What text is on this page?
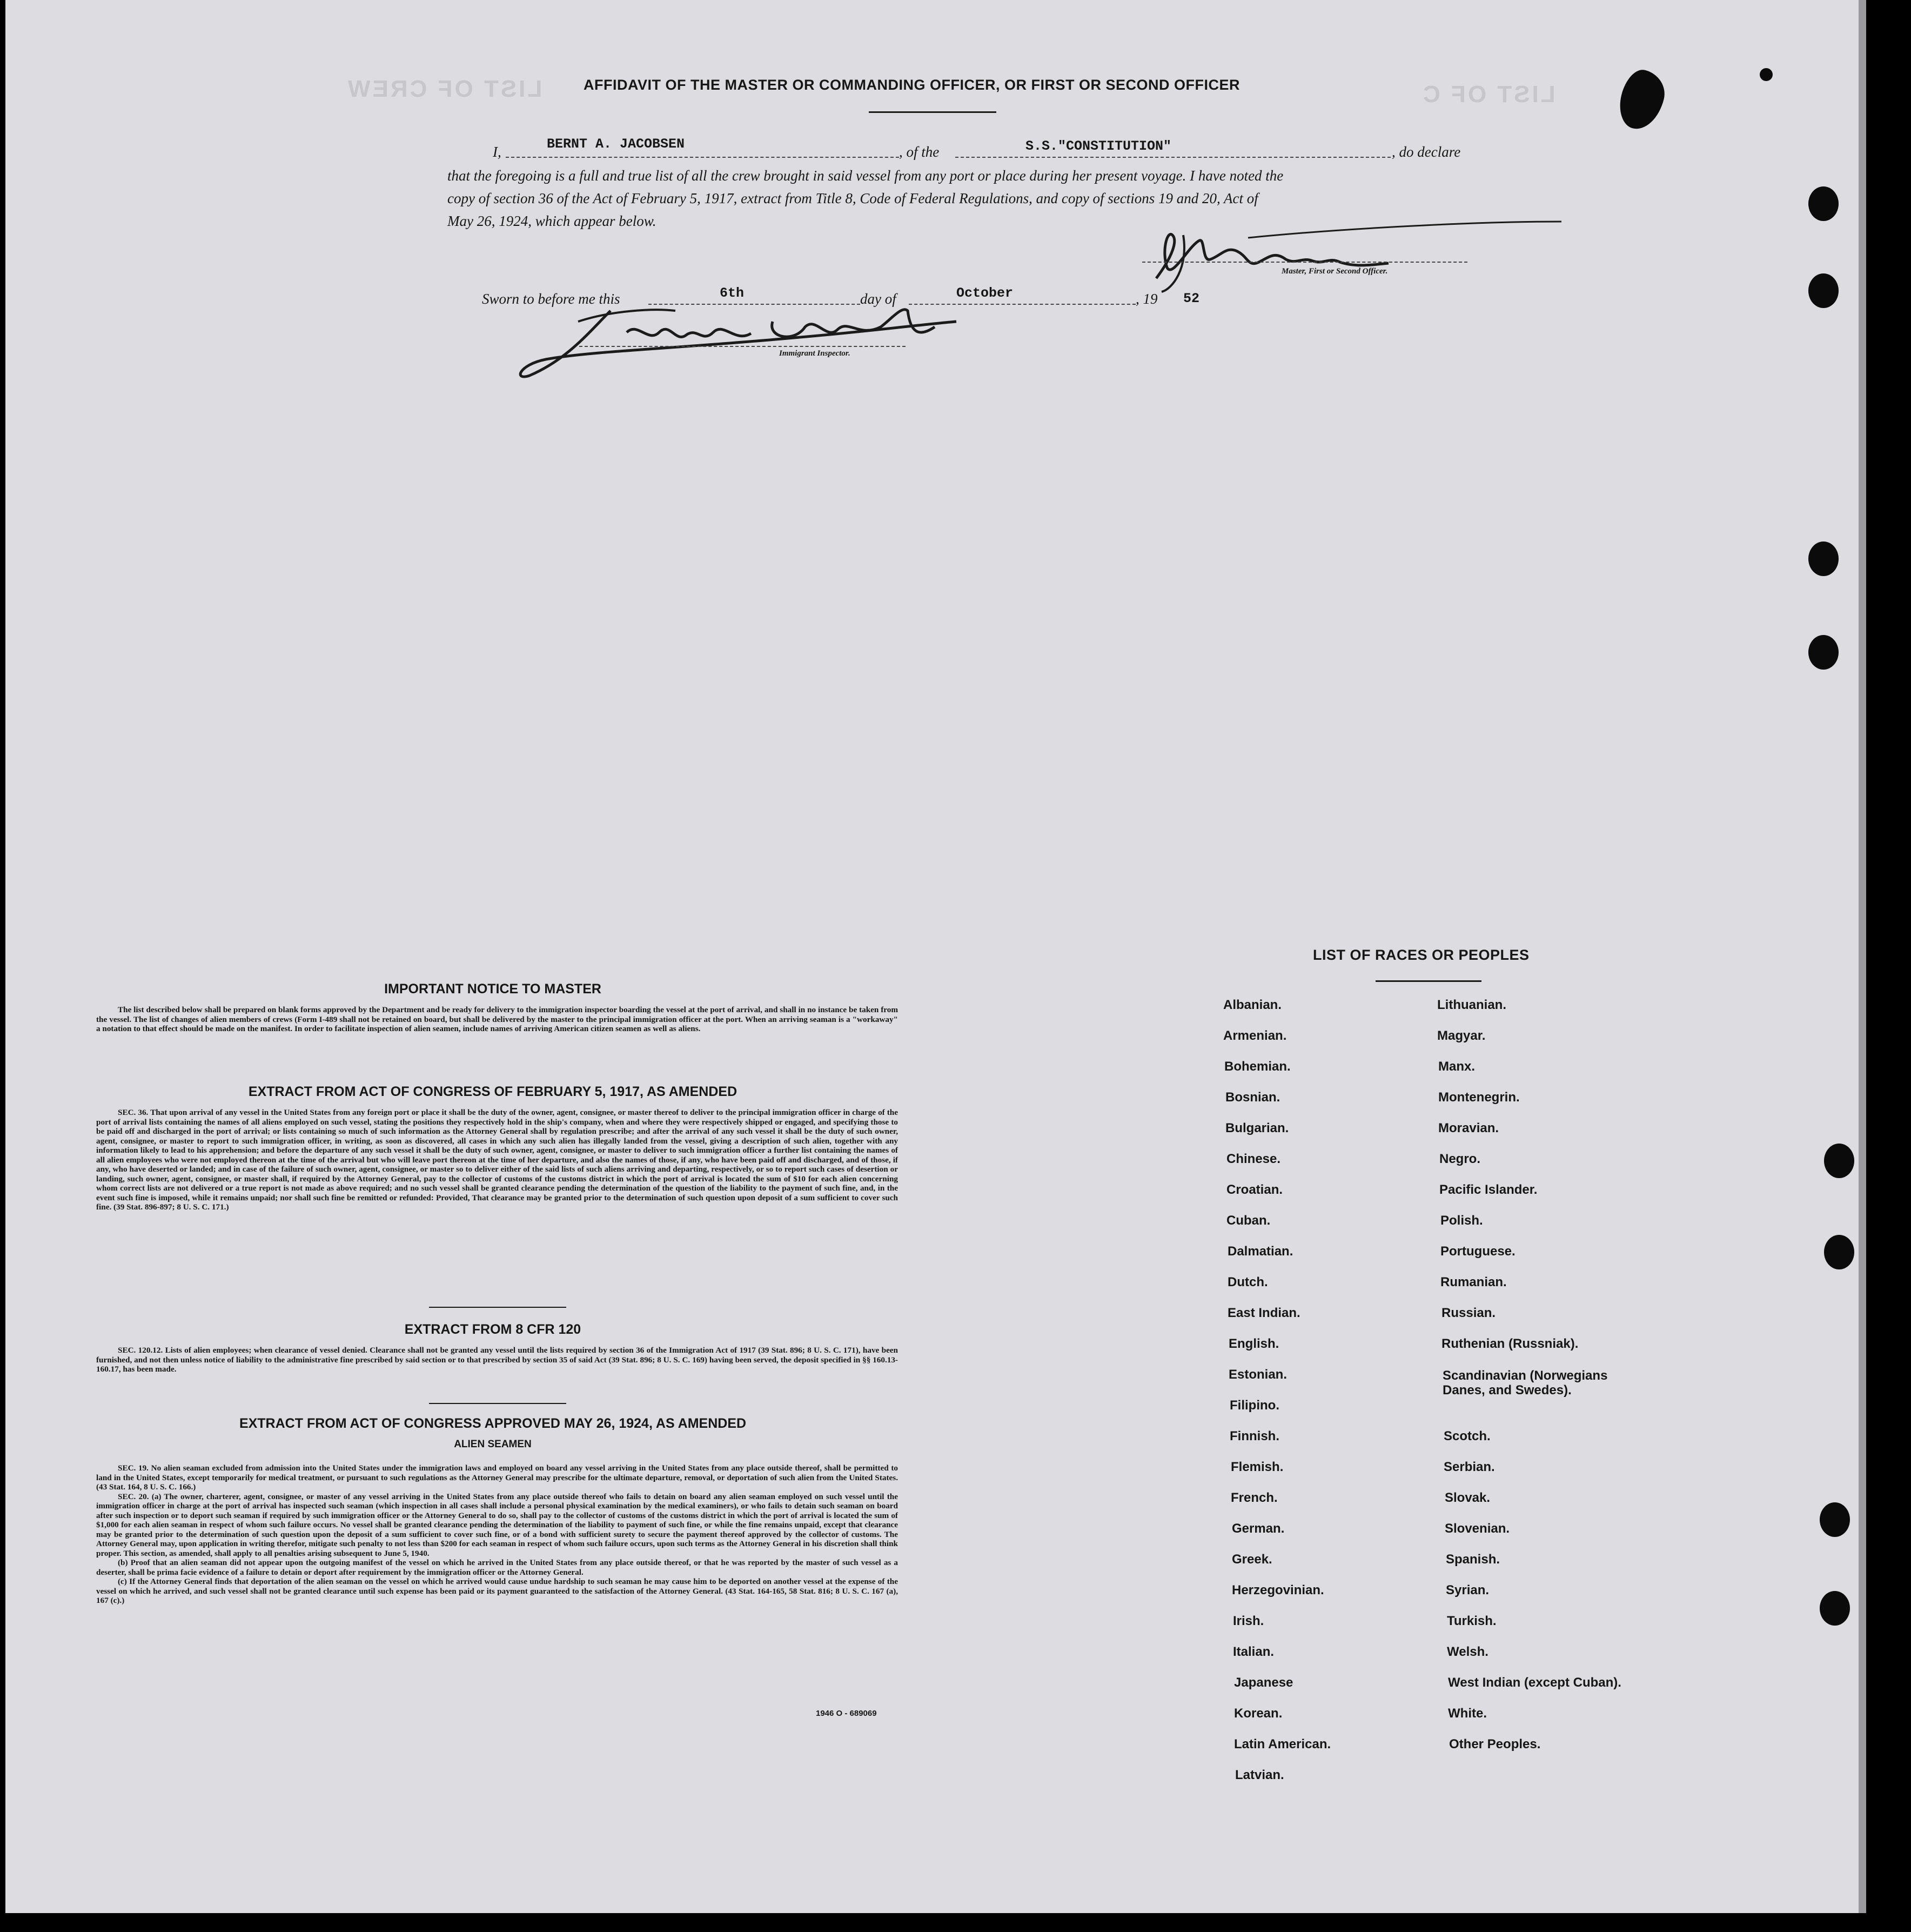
LIST OF CREW	LIST OF C
AFFIDAVIT OF THE MASTER OR COMMANDING OFFICER, OR FIRST OR SECOND OFFICER
I,	BERNT A. JACOBSEN	, of the	S.S."CONSTITUTION"	, do declare
that the foregoing is a full and true list of all the crew brought in said vessel from any port or place during her present voyage. I have noted the
copy of section 36 of the Act of February 5, 1917, extract from Title 8, Code of Federal Regulations, and copy of sections 19 and 20, Act of
May 26, 1924, which appear below.
Master, First or Second Officer.
Sworn to before me this	6th	day of	October	, 19 52
Immigrant Inspector.
IMPORTANT NOTICE TO MASTER

The list described below shall be prepared on blank forms approved by the Department and be ready for delivery to the immigration inspector boarding the vessel at the port of arrival, and shall in no instance be taken from the vessel. The list of changes of alien members of crews (Form I-489 shall not be retained on board, but shall be delivered by the master to the principal immigration officer at the port. When an arriving seaman is a "workaway" a notation to that effect should be made on the manifest. In order to facilitate inspection of alien seamen, include names of arriving American citizen seamen as well as aliens.

EXTRACT FROM ACT OF CONGRESS OF FEBRUARY 5, 1917, AS AMENDED

SEC. 36. That upon arrival of any vessel in the United States from any foreign port or place it shall be the duty of the owner, agent, consignee, or master thereof to deliver to the principal immigration officer in charge of the port of arrival lists containing the names of all aliens employed on such vessel, stating the positions they respectively hold in the ship's company, when and where they were respectively shipped or engaged, and specifying those to be paid off and discharged in the port of arrival; or lists containing so much of such information as the Attorney General shall by regulation prescribe; and after the arrival of any such vessel it shall be the duty of such owner, agent, consignee, or master to report to such immigration officer, in writing, as soon as discovered, all cases in which any such alien has illegally landed from the vessel, giving a description of such alien, together with any information likely to lead to his apprehension; and before the departure of any such vessel it shall be the duty of such owner, agent, consignee, or master to deliver to such immigration officer a further list containing the names of all alien employees who were not employed thereon at the time of the arrival but who will leave port thereon at the time of her departure, and also the names of those, if any, who have been paid off and discharged, and of those, if any, who have deserted or landed; and in case of the failure of such owner, agent, consignee, or master so to deliver either of the said lists of such aliens arriving and departing, respectively, or so to report such cases of desertion or landing, such owner, agent, consignee, or master shall, if required by the Attorney General, pay to the collector of customs of the customs district in which the port of arrival is located the sum of $10 for each alien concerning whom correct lists are not delivered or a true report is not made as above required; and no such vessel shall be granted clearance pending the determination of the question of the liability to the payment of such fine, and, in the event such fine is imposed, while it remains unpaid; nor shall such fine be remitted or refunded: Provided, That clearance may be granted prior to the determination of such question upon deposit of a sum sufficient to cover such fine. (39 Stat. 896-897; 8 U. S. C. 171.)

EXTRACT FROM 8 CFR 120

SEC. 120.12. Lists of alien employees; when clearance of vessel denied. Clearance shall not be granted any vessel until the lists required by section 36 of the Immigration Act of 1917 (39 Stat. 896; 8 U. S. C. 171), have been furnished, and not then unless notice of liability to the administrative fine prescribed by said section or to that prescribed by section 35 of said Act (39 Stat. 896; 8 U. S. C. 169) having been served, the deposit specified in §§ 160.13-160.17, has been made.

EXTRACT FROM ACT OF CONGRESS APPROVED MAY 26, 1924, AS AMENDED
ALIEN SEAMEN

SEC. 19. No alien seaman excluded from admission into the United States under the immigration laws and employed on board any vessel arriving in the United States from any place outside thereof, shall be permitted to land in the United States, except temporarily for medical treatment, or pursuant to such regulations as the Attorney General may prescribe for the ultimate departure, removal, or deportation of such alien from the United States. (43 Stat. 164, 8 U. S. C. 166.)

SEC. 20. (a) The owner, charterer, agent, consignee, or master of any vessel arriving in the United States from any place outside thereof who fails to detain on board any alien seaman employed on such vessel until the immigration officer in charge at the port of arrival has inspected such seaman (which inspection in all cases shall include a personal physical examination by the medical examiners), or who fails to detain such seaman on board after such inspection or to deport such seaman if required by such immigration officer or the Attorney General to do so, shall pay to the collector of customs of the customs district in which the port of arrival is located the sum of $1,000 for each alien seaman in respect of whom such failure occurs. No vessel shall be granted clearance pending the determination of the liability to payment of such fine, or while the fine remains unpaid, except that clearance may be granted prior to the determination of such question upon the deposit of a sum sufficient to cover such fine, or of a bond with sufficient surety to secure the payment thereof approved by the collector of customs. The Attorney General may, upon application in writing therefor, mitigate such penalty to not less than $200 for each seaman in respect of whom such failure occurs, upon such terms as the Attorney General in his discretion shall think proper. This section, as amended, shall apply to all penalties arising subsequent to June 5, 1940.

(b) Proof that an alien seaman did not appear upon the outgoing manifest of the vessel on which he arrived in the United States from any place outside thereof, or that he was reported by the master of such vessel as a deserter, shall be prima facie evidence of a failure to detain or deport after requirement by the immigration officer or the Attorney General.

(c) If the Attorney General finds that deportation of the alien seaman on the vessel on which he arrived would cause undue hardship to such seaman he may cause him to be deported on another vessel at the expense of the vessel on which he arrived, and such vessel shall not be granted clearance until such expense has been paid or its payment guaranteed to the satisfaction of the Attorney General. (43 Stat. 164-165, 58 Stat. 816; 8 U. S. C. 167 (a), 167 (c).)

1946 O - 689069
LIST OF RACES OR PEOPLES
Albanian.
Armenian.
Bohemian.
Bosnian.
Bulgarian.
Chinese.
Croatian.
Cuban.
Dalmatian.
Dutch.
East Indian.
English.
Estonian.
Filipino.
Finnish.
Flemish.
French.
German.
Greek.
Herzegovinian.
Irish.
Italian.
Japanese
Korean.
Latin American.
Latvian.
Lithuanian.
Magyar.
Manx.
Montenegrin.
Moravian.
Negro.
Pacific Islander.
Polish.
Portuguese.
Rumanian.
Russian.
Ruthenian (Russniak).
Scandinavian (Norwegians Danes, and Swedes).
Scotch.
Serbian.
Slovak.
Slovenian.
Spanish.
Syrian.
Turkish.
Welsh.
West Indian (except Cuban).
White.
Other Peoples.
